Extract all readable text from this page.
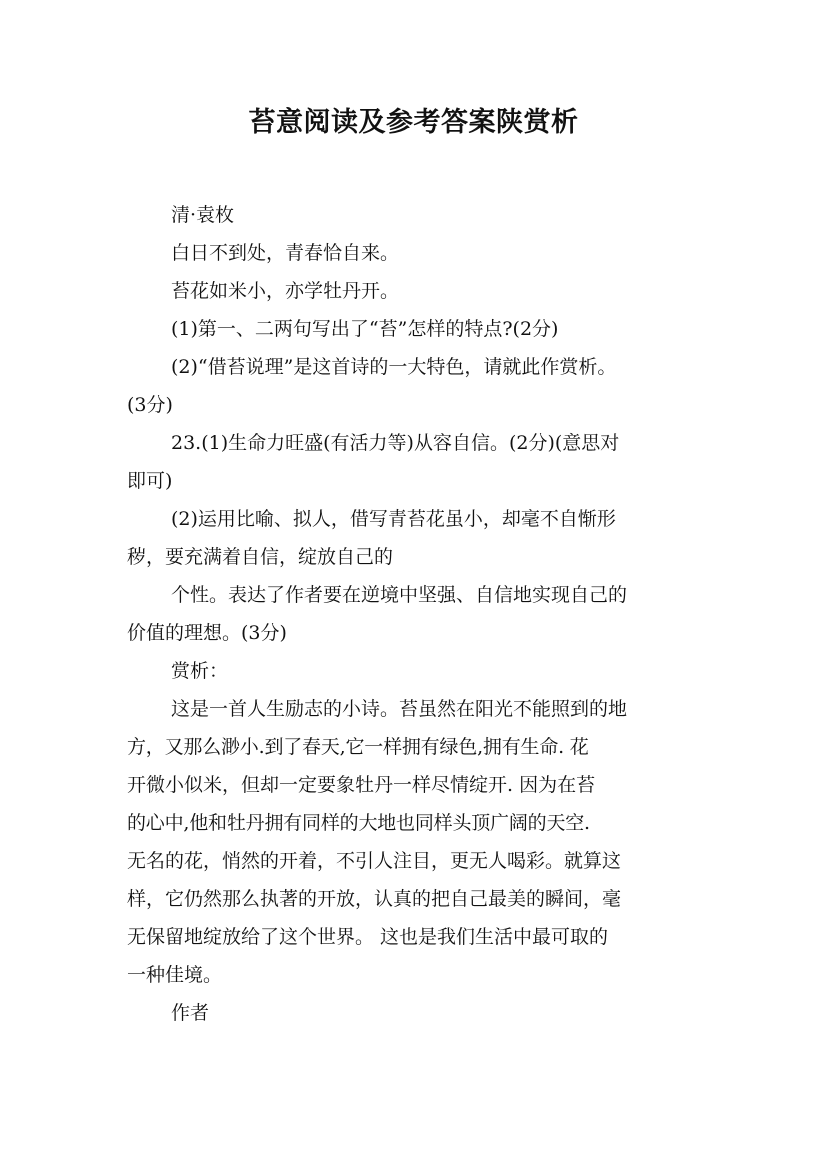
苔意阅读及参考答案陕赏析
清·袁枚
白日不到处，青春恰自来。
苔花如米小，亦学牡丹开。
(1)第一、二两句写出了“苔”怎样的特点?(2分)
(2)“借苔说理”是这首诗的一大特色，请就此作赏析。
(3分)
23.(1)生命力旺盛(有活力等)从容自信。(2分)(意思对
即可)
(2)运用比喻、拟人，借写青苔花虽小，却毫不自惭形
秽，要充满着自信，绽放自己的
个性。表达了作者要在逆境中坚强、自信地实现自己的
价值的理想。(3分)
赏析：
这是一首人生励志的小诗。苔虽然在阳光不能照到的地
方，又那么渺小.到了春天,它一样拥有绿色,拥有生命. 花
开微小似米，但却一定要象牡丹一样尽情绽开. 因为在苔
的心中,他和牡丹拥有同样的大地也同样头顶广阔的天空.
无名的花，悄然的开着，不引人注目，更无人喝彩。就算这
样，它仍然那么执著的开放，认真的把自己最美的瞬间，毫
无保留地绽放给了这个世界。 这也是我们生活中最可取的
一种佳境。
作者
